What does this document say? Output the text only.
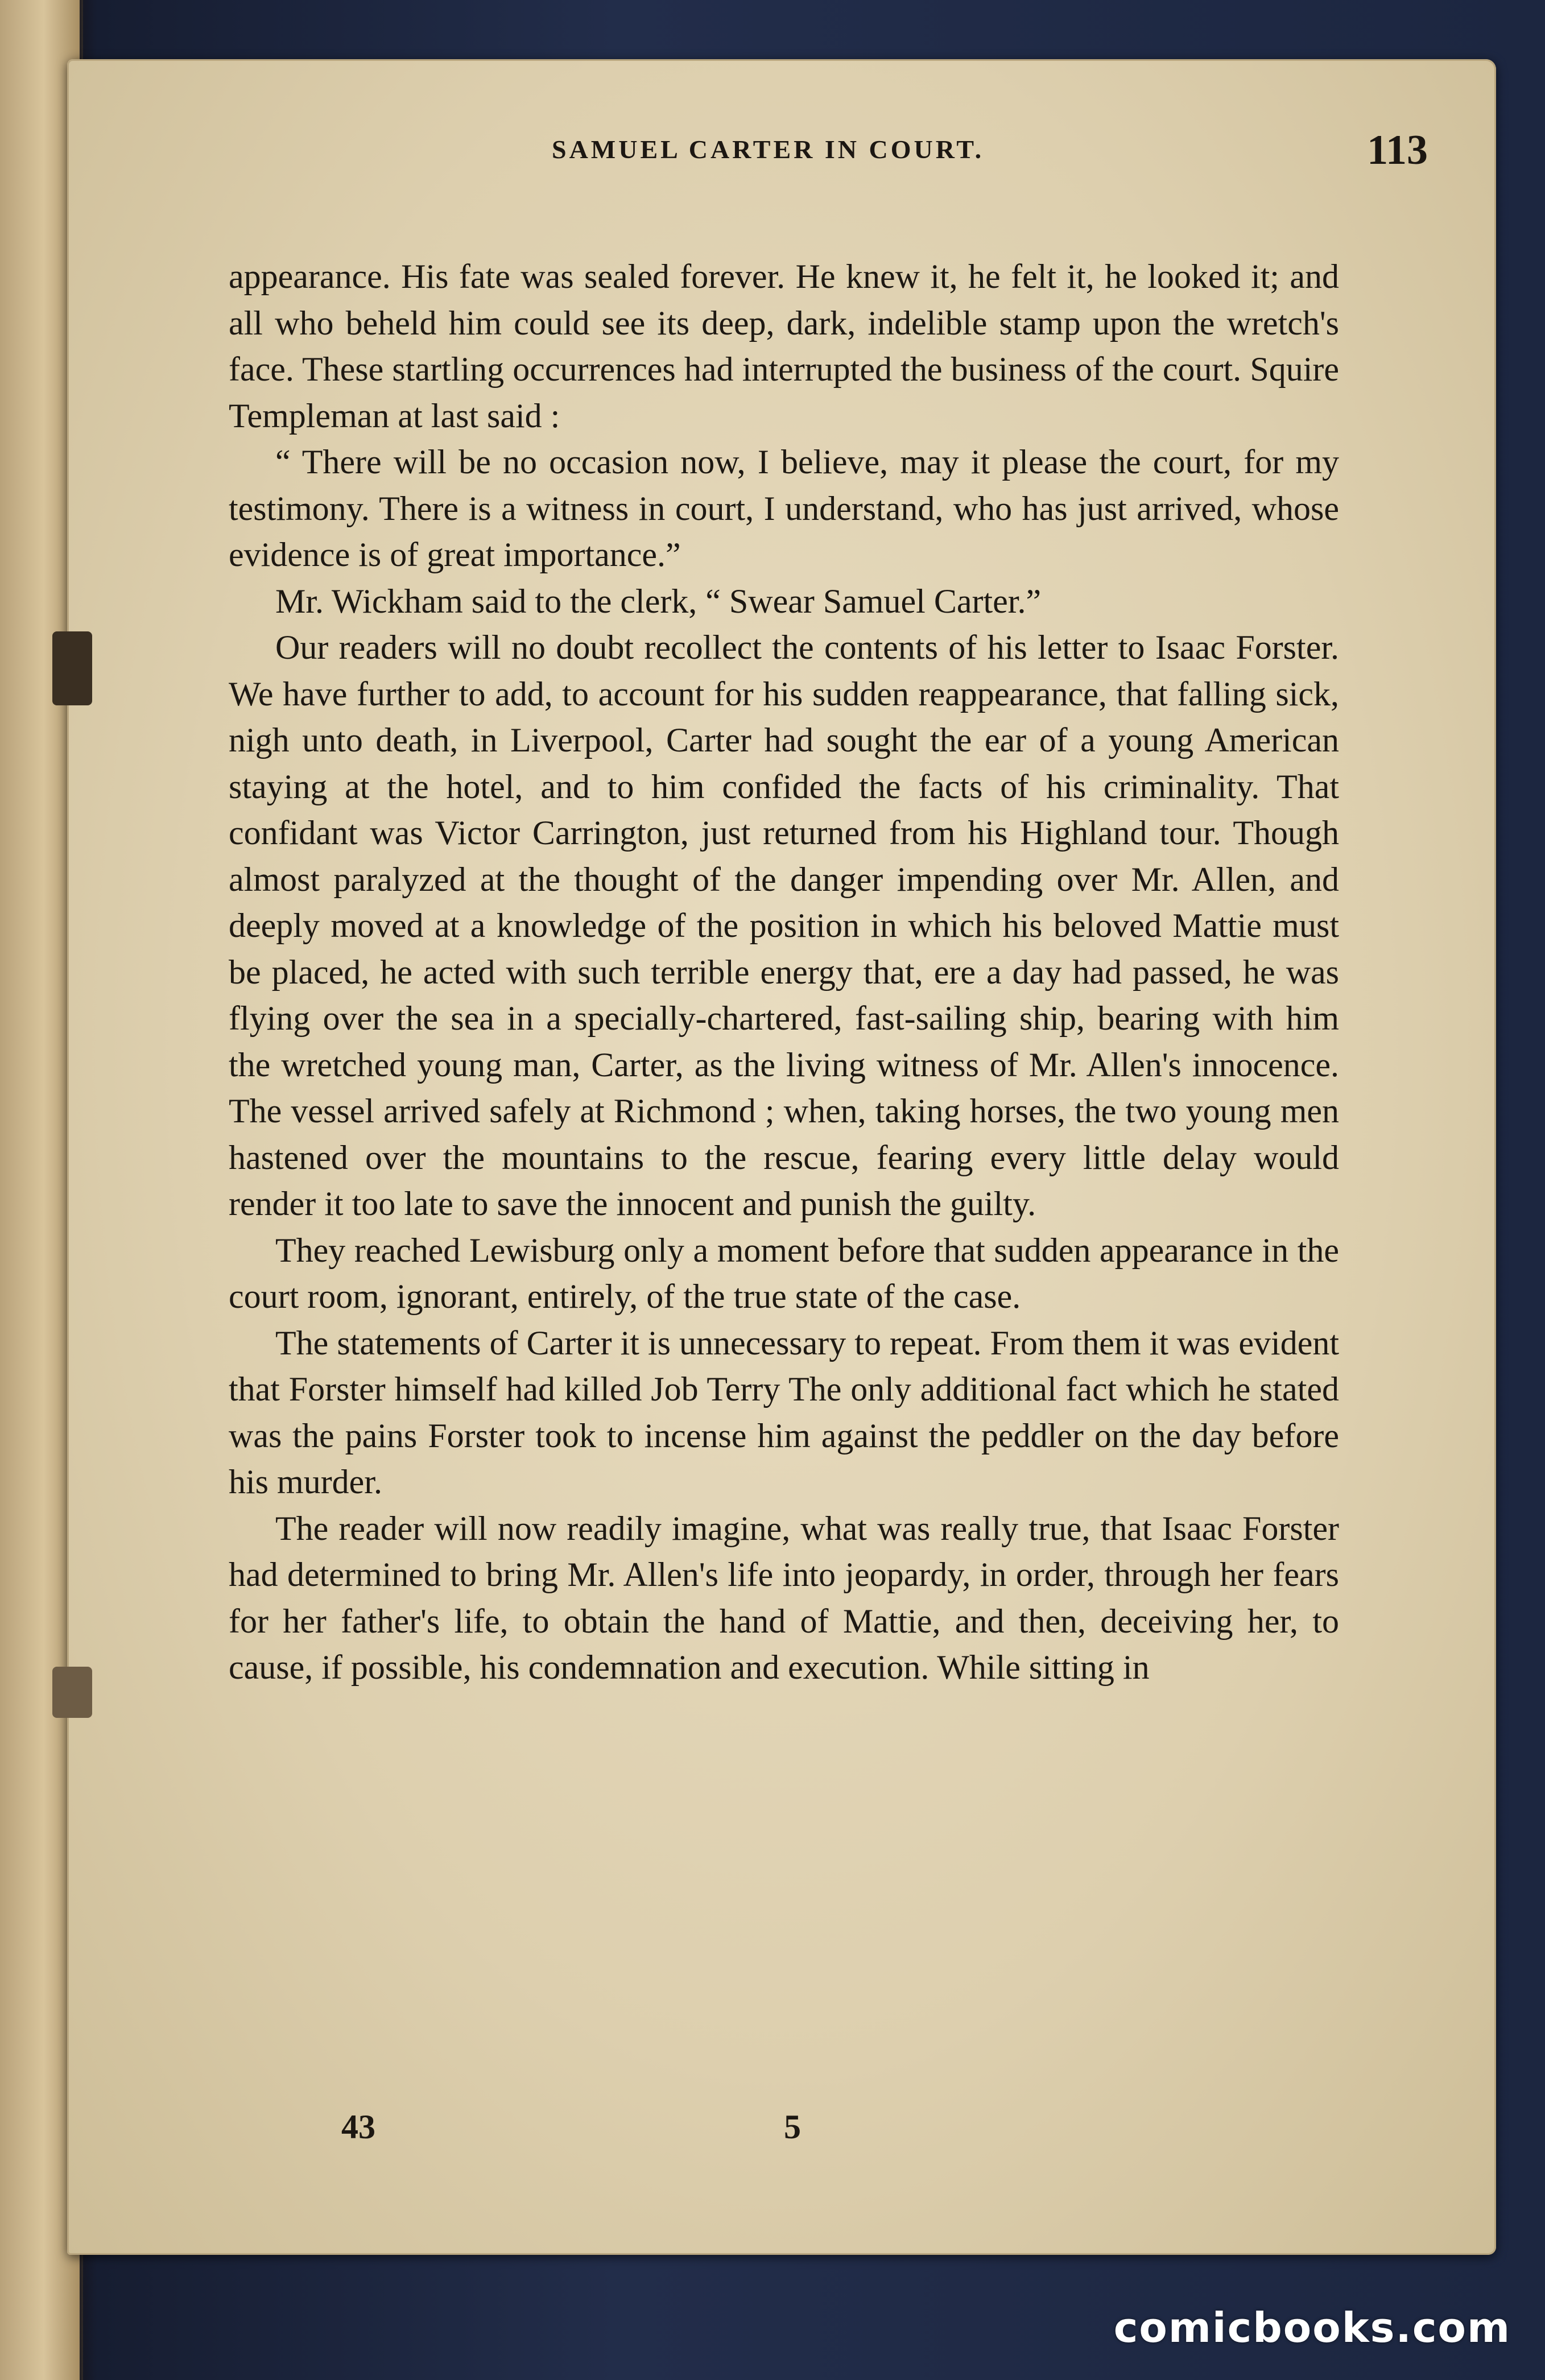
SAMUEL CARTER IN COURT.	113

appearance. His fate was sealed forever. He knew it, he felt it, he looked it; and all who beheld him could see its deep, dark, indelible stamp upon the wretch's face. These startling occurrences had interrupted the business of the court. Squire Templeman at last said :

“ There will be no occasion now, I believe, may it please the court, for my testimony. There is a witness in court, I understand, who has just arrived, whose evidence is of great importance.”

Mr. Wickham said to the clerk, “ Swear Samuel Carter.”

Our readers will no doubt recollect the contents of his letter to Isaac Forster. We have further to add, to account for his sudden reappearance, that falling sick, nigh unto death, in Liverpool, Carter had sought the ear of a young American staying at the hotel, and to him confided the facts of his criminality. That confidant was Victor Carrington, just returned from his Highland tour. Though almost paralyzed at the thought of the danger impending over Mr. Allen, and deeply moved at a knowledge of the position in which his beloved Mattie must be placed, he acted with such terrible energy that, ere a day had passed, he was flying over the sea in a specially-chartered, fast-sailing ship, bearing with him the wretched young man, Carter, as the living witness of Mr. Allen's innocence. The vessel arrived safely at Richmond ; when, taking horses, the two young men hastened over the mountains to the rescue, fearing every little delay would render it too late to save the innocent and punish the guilty.

They reached Lewisburg only a moment before that sudden appearance in the court room, ignorant, entirely, of the true state of the case.

The statements of Carter it is unnecessary to repeat. From them it was evident that Forster himself had killed Job Terry The only additional fact which he stated was the pains Forster took to incense him against the peddler on the day before his murder.

The reader will now readily imagine, what was really true, that Isaac Forster had determined to bring Mr. Allen's life into jeopardy, in order, through her fears for her father's life, to obtain the hand of Mattie, and then, deceiving her, to cause, if possible, his condemnation and execution. While sitting in

43	5
comicbooks.com
